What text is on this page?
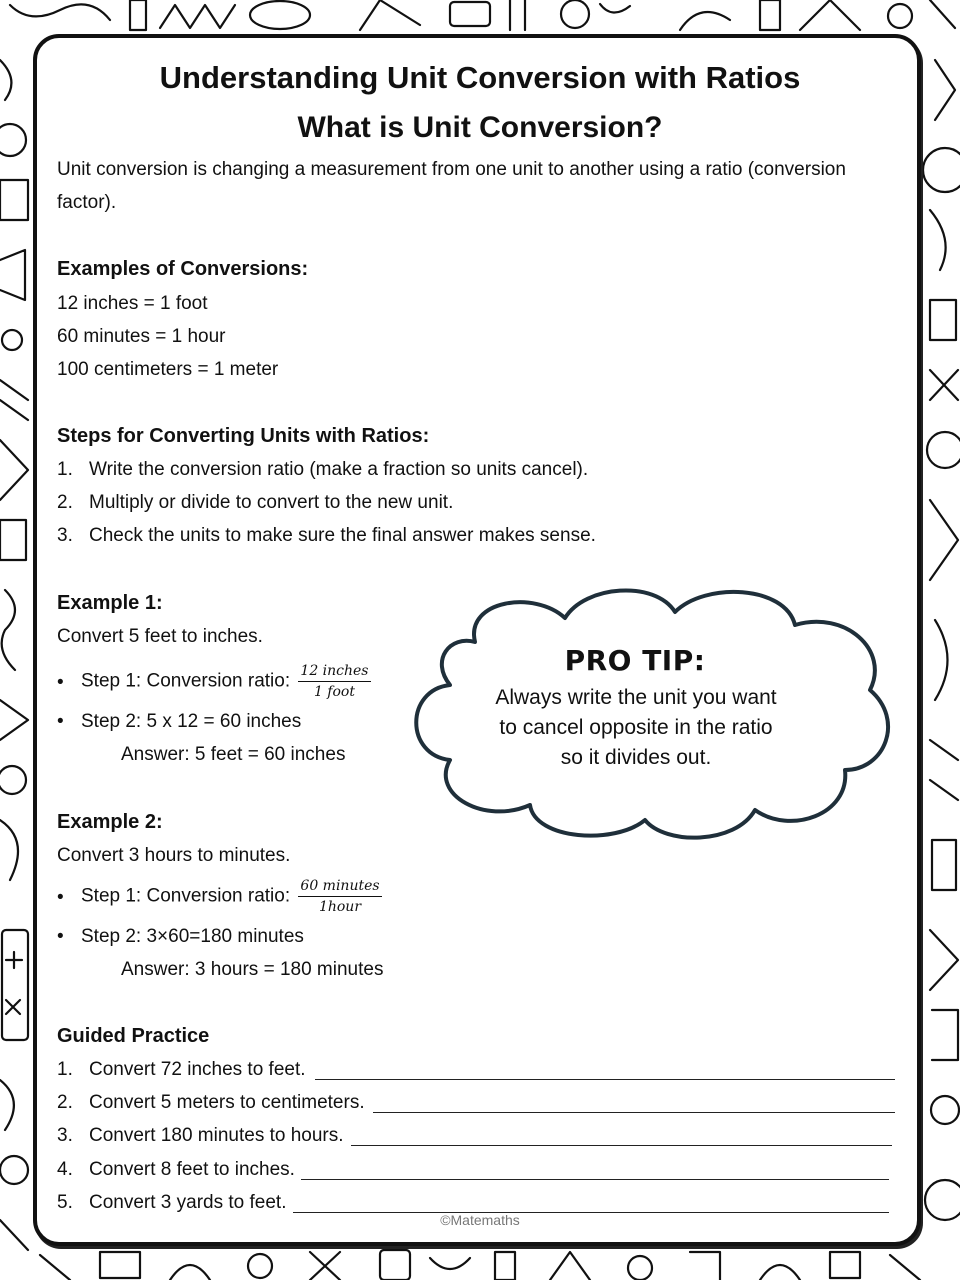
Understanding Unit Conversion with Ratios
What is Unit Conversion?

Unit conversion is changing a measurement from one unit to another using a ratio (conversion factor).

Examples of Conversions:

12 inches = 1 foot

60 minutes = 1 hour

100 centimeters = 1 meter

Steps for Converting Units with Ratios:

1. Write the conversion ratio (make a fraction so units cancel).
2. Multiply or divide to convert to the new unit.
3. Check the units to make sure the final answer makes sense.

Example 1:

Convert 5 feet to inches.

• Step 1: Conversion ratio: $\frac{\text{12 inches}}{\text{1 foot}}$
• Step 2: 5 x 12 = 60 inches
Answer: 5 feet = 60 inches
PRO TIP:
Always write the unit you want to cancel opposite in the ratio so it divides out.

Example 2:

Convert 3 hours to minutes.

• Step 1: Conversion ratio: $\frac{\text{60 minutes}}{\text{1hour}}$
• Step 2: 3×60=180 minutes
Answer: 3 hours = 180 minutes

Guided Practice

1. Convert 72 inches to feet.
2. Convert 5 meters to centimeters.
3. Convert 180 minutes to hours.
4. Convert 8 feet to inches.
5. Convert 3 yards to feet.
©Matemaths
